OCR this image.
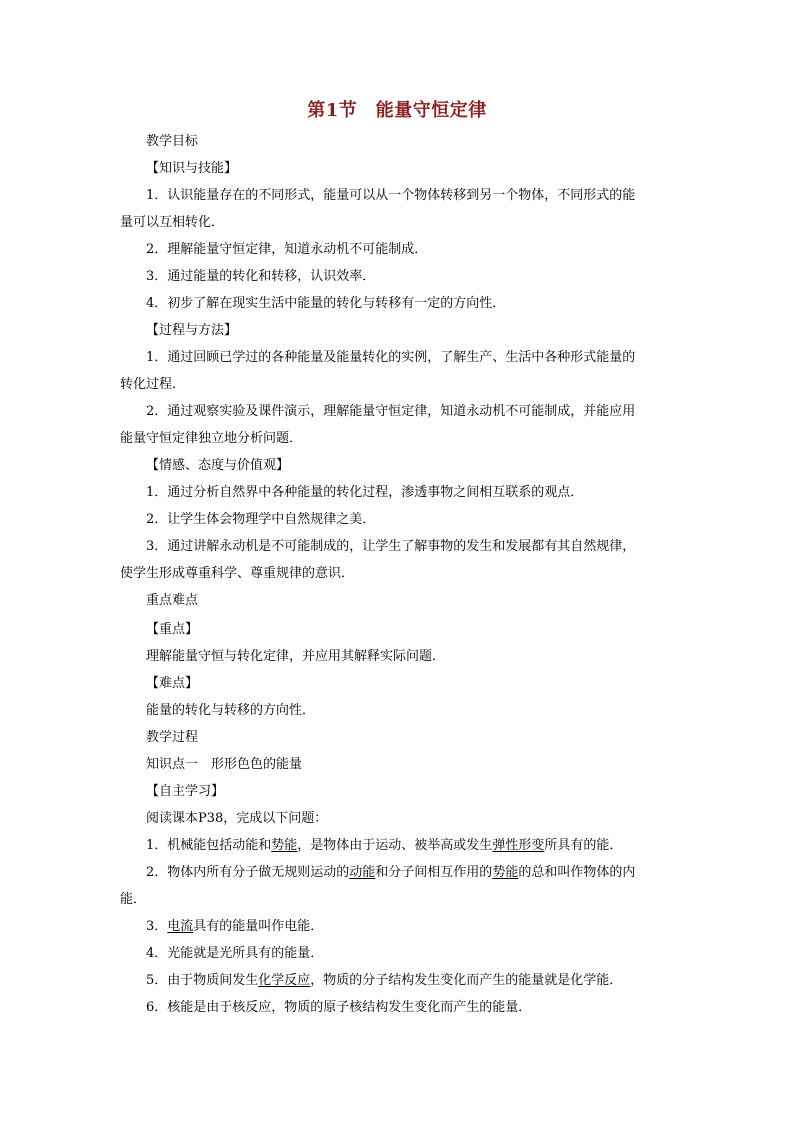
第1节　能量守恒定律
教学目标
【知识与技能】
1．认识能量存在的不同形式，能量可以从一个物体转移到另一个物体，不同形式的能
量可以互相转化．
2．理解能量守恒定律，知道永动机不可能制成．
3．通过能量的转化和转移，认识效率．
4．初步了解在现实生活中能量的转化与转移有一定的方向性．
【过程与方法】
1．通过回顾已学过的各种能量及能量转化的实例，了解生产、生活中各种形式能量的
转化过程．
2．通过观察实验及课件演示，理解能量守恒定律，知道永动机不可能制成，并能应用
能量守恒定律独立地分析问题．
【情感、态度与价值观】
1．通过分析自然界中各种能量的转化过程，渗透事物之间相互联系的观点．
2．让学生体会物理学中自然规律之美．
3．通过讲解永动机是不可能制成的，让学生了解事物的发生和发展都有其自然规律，
使学生形成尊重科学、尊重规律的意识．
重点难点
【重点】
理解能量守恒与转化定律，并应用其解释实际问题．
【难点】
能量的转化与转移的方向性．
教学过程
知识点一　形形色色的能量
【自主学习】
阅读课本P38，完成以下问题：
1．机械能包括动能和势能，是物体由于运动、被举高或发生弹性形变所具有的能．
2．物体内所有分子做无规则运动的动能和分子间相互作用的势能的总和叫作物体的内
能．
3．电流具有的能量叫作电能．
4．光能就是光所具有的能量．
5．由于物质间发生化学反应，物质的分子结构发生变化而产生的能量就是化学能．
6．核能是由于核反应，物质的原子核结构发生变化而产生的能量．
